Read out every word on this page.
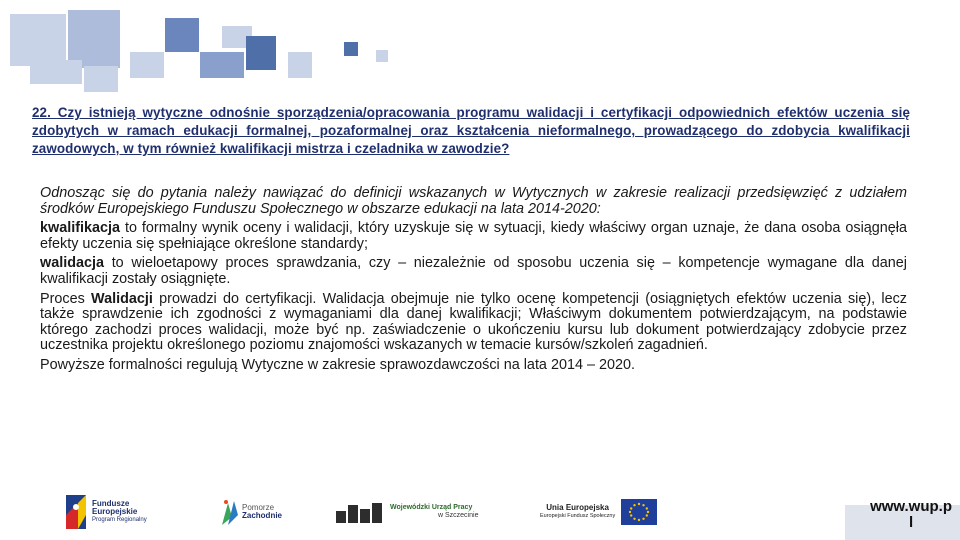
22. Czy istnieją wytyczne odnośnie sporządzenia/opracowania programu walidacji i certyfikacji odpowiednich efektów uczenia się zdobytych w ramach edukacji formalnej, pozaformalnej oraz kształcenia nieformalnego, prowadzącego do zdobycia kwalifikacji zawodowych, w tym również kwalifikacji mistrza i czeladnika w zawodzie?

Odnosząc się do pytania należy nawiązać do definicji wskazanych w Wytycznych w zakresie realizacji przedsięwzięć z udziałem środków Europejskiego Funduszu Społecznego w obszarze edukacji na lata 2014-2020:

kwalifikacja to formalny wynik oceny i walidacji, który uzyskuje się w sytuacji, kiedy właściwy organ uznaje, że dana osoba osiągnęła efekty uczenia się spełniające określone standardy;

walidacja to wieloetapowy proces sprawdzania, czy – niezależnie od sposobu uczenia się – kompetencje wymagane dla danej kwalifikacji zostały osiągnięte.

Proces Walidacji prowadzi do certyfikacji. Walidacja obejmuje nie tylko ocenę kompetencji (osiągniętych efektów uczenia się), lecz także sprawdzenie ich zgodności z wymaganiami dla danej kwalifikacji; Właściwym dokumentem potwierdzającym, na podstawie którego zachodzi proces walidacji, może być np. zaświadczenie o ukończeniu kursu lub dokument potwierdzający zdobycie przez uczestnika projektu określonego poziomu znajomości wskazanych w temacie kursów/szkoleń zagadnień.

Powyższe formalności regulują Wytyczne w zakresie sprawozdawczości na lata 2014 – 2020.

Fundusze
Europejskie
Program Regionalny
Pomorze
Zachodnie
Wojewódzki Urząd Pracy
w Szczecinie
Unia Europejska
Europejski Fundusz Społeczny
www.wup.p
l
